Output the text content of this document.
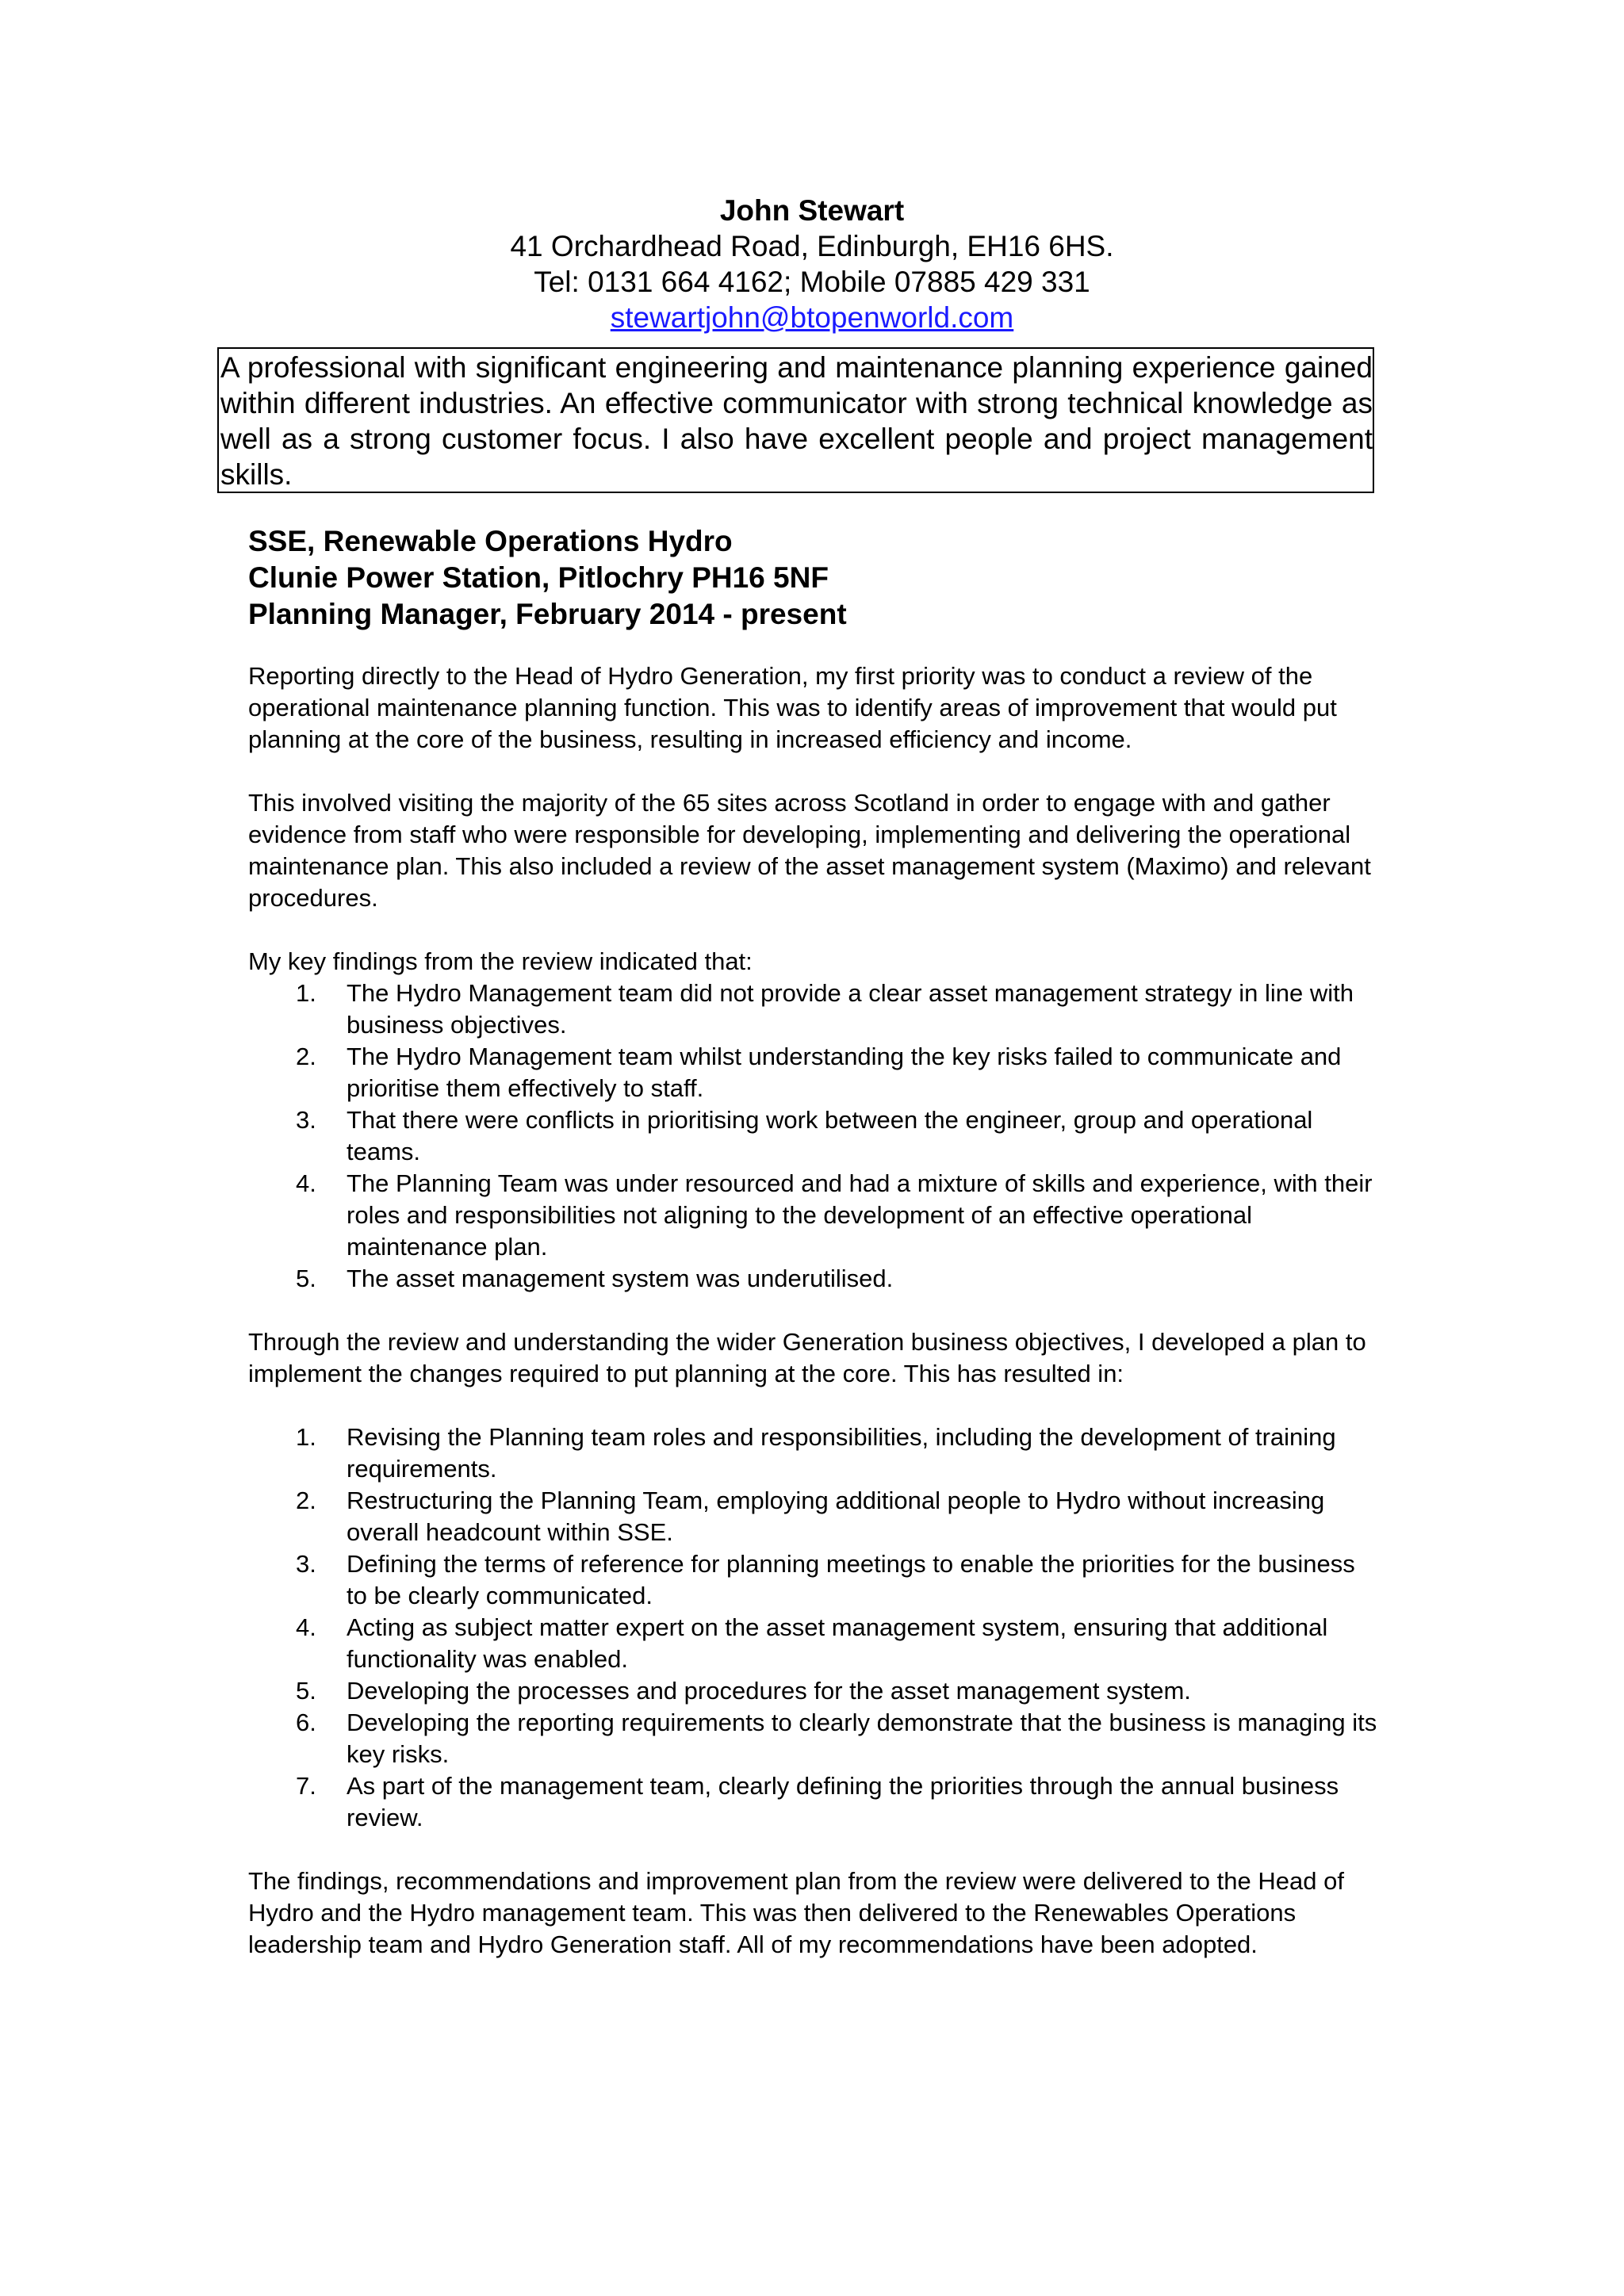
John Stewart
41 Orchardhead Road, Edinburgh, EH16 6HS.
Tel: 0131 664 4162; Mobile 07885 429 331
stewartjohn@btopenworld.com
A professional with significant engineering and maintenance planning experience gained within different industries. An effective communicator with strong technical knowledge as well as a strong customer focus. I also have excellent people and project management skills.
SSE, Renewable Operations Hydro
Clunie Power Station, Pitlochry PH16 5NF
Planning Manager, February 2014 - present

Reporting directly to the Head of Hydro Generation, my first priority was to conduct a review of the operational maintenance planning function. This was to identify areas of improvement that would put planning at the core of the business, resulting in increased efficiency and income.

This involved visiting the majority of the 65 sites across Scotland in order to engage with and gather evidence from staff who were responsible for developing, implementing and delivering the operational maintenance plan. This also included a review of the asset management system (Maximo) and relevant procedures.

My key findings from the review indicated that:

1. The Hydro Management team did not provide a clear asset management strategy in line with business objectives.
2. The Hydro Management team whilst understanding the key risks failed to communicate and prioritise them effectively to staff.
3. That there were conflicts in prioritising work between the engineer, group and operational teams.
4. The Planning Team was under resourced and had a mixture of skills and experience, with their roles and responsibilities not aligning to the development of an effective operational maintenance plan.
5. The asset management system was underutilised.

Through the review and understanding the wider Generation business objectives, I developed a plan to implement the changes required to put planning at the core. This has resulted in:

1. Revising the Planning team roles and responsibilities, including the development of training requirements.
2. Restructuring the Planning Team, employing additional people to Hydro without increasing overall headcount within SSE.
3. Defining the terms of reference for planning meetings to enable the priorities for the business to be clearly communicated.
4. Acting as subject matter expert on the asset management system, ensuring that additional functionality was enabled.
5. Developing the processes and procedures for the asset management system.
6. Developing the reporting requirements to clearly demonstrate that the business is managing its key risks.
7. As part of the management team, clearly defining the priorities through the annual business review.

The findings, recommendations and improvement plan from the review were delivered to the Head of Hydro and the Hydro management team. This was then delivered to the Renewables Operations leadership team and Hydro Generation staff. All of my recommendations have been adopted.
